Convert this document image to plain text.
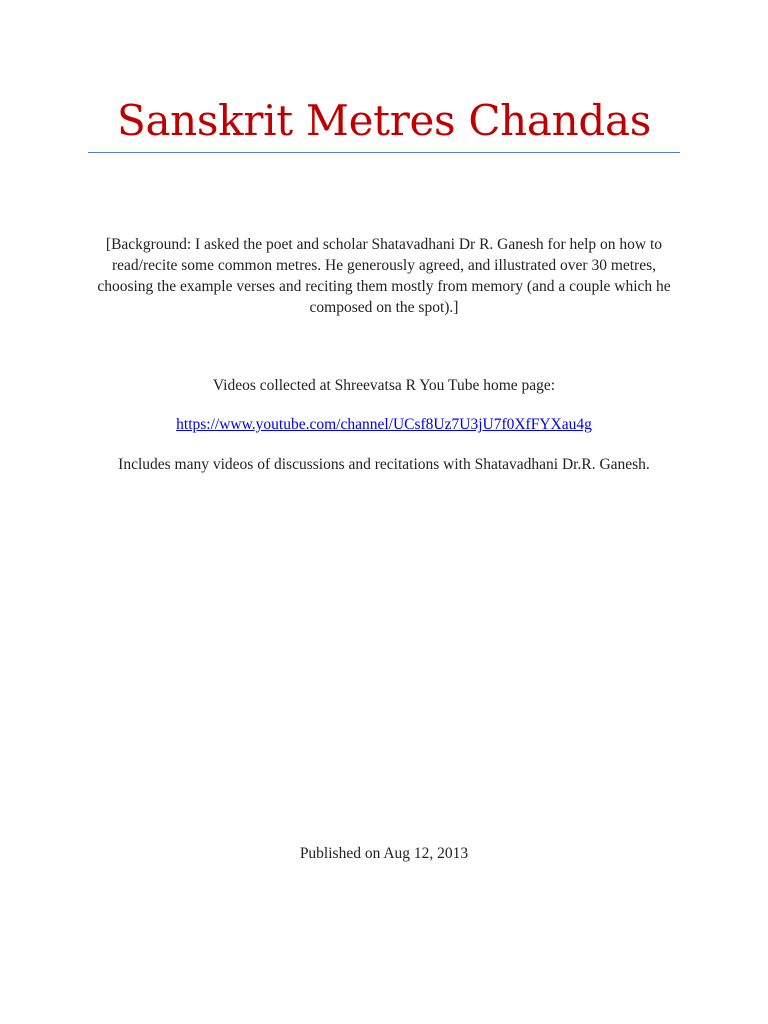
Sanskrit Metres Chandas
[Background: I asked the poet and scholar Shatavadhani Dr R. Ganesh for help on how to read/recite some common metres. He generously agreed, and illustrated over 30 metres, choosing the example verses and reciting them mostly from memory (and a couple which he composed on the spot).]
Videos collected at Shreevatsa R You Tube home page:
https://www.youtube.com/channel/UCsf8Uz7U3jU7f0XfFYXau4g
Includes many videos of discussions and recitations with Shatavadhani Dr.R. Ganesh.
Published on Aug 12, 2013
